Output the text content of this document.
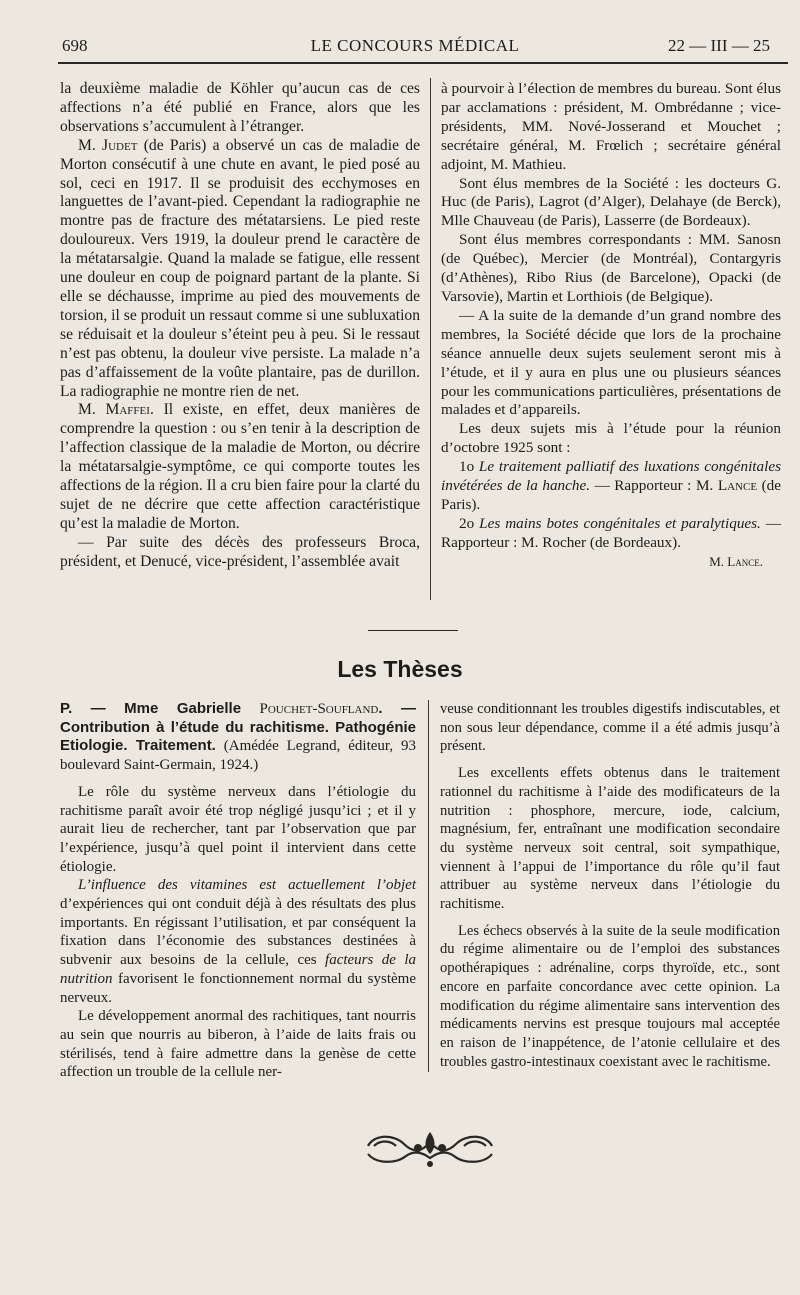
698	LE CONCOURS MÉDICAL	22 — III — 25

la deuxième maladie de Köhler qu’aucun cas de ces affections n’a été publié en France, alors que les observations s’accumulent à l’étranger.

M. Judet (de Paris) a observé un cas de maladie de Morton consécutif à une chute en avant, le pied posé au sol, ceci en 1917. Il se produisit des ecchymoses en languettes de l’avant-pied. Cependant la radiographie ne montre pas de fracture des métatarsiens. Le pied reste douloureux. Vers 1919, la douleur prend le caractère de la métatarsalgie. Quand la malade se fatigue, elle ressent une douleur en coup de poignard partant de la plante. Si elle se déchausse, imprime au pied des mouvements de torsion, il se produit un ressaut comme si une subluxation se réduisait et la douleur s’éteint peu à peu. Si le ressaut n’est pas obtenu, la douleur vive persiste. La malade n’a pas d’affaissement de la voûte plantaire, pas de durillon. La radiographie ne montre rien de net.

M. Maffei. Il existe, en effet, deux manières de comprendre la question : ou s’en tenir à la description de l’affection classique de la maladie de Morton, ou décrire la métatarsalgie-symptôme, ce qui comporte toutes les affections de la région. Il a cru bien faire pour la clarté du sujet de ne décrire que cette affection caractéristique qu’est la maladie de Morton.

— Par suite des décès des professeurs Broca, président, et Denucé, vice-président, l’assemblée avait

à pourvoir à l’élection de membres du bureau. Sont élus par acclamations : président, M. Ombrédanne ; vice-présidents, MM. Nové-Josserand et Mouchet ; secrétaire général, M. Frœlich ; secrétaire général adjoint, M. Mathieu.

Sont élus membres de la Société : les docteurs G. Huc (de Paris), Lagrot (d’Alger), Delahaye (de Berck), Mlle Chauveau (de Paris), Lasserre (de Bordeaux).

Sont élus membres correspondants : MM. Sanosn (de Québec), Mercier (de Montréal), Contargyris (d’Athènes), Ribo Rius (de Barcelone), Opacki (de Varsovie), Martin et Lorthiois (de Belgique).

— A la suite de la demande d’un grand nombre des membres, la Société décide que lors de la prochaine séance annuelle deux sujets seulement seront mis à l’étude, et il y aura en plus une ou plusieurs séances pour les communications particulières, présentations de malades et d’appareils.

Les deux sujets mis à l’étude pour la réunion d’octobre 1925 sont :

1o Le traitement palliatif des luxations congénitales invétérées de la hanche. — Rapporteur : M. Lance (de Paris).

2o Les mains botes congénitales et paralytiques. — Rapporteur : M. Rocher (de Bordeaux).

M. Lance.

Les Thèses

P. — Mme Gabrielle Pouchet-Soufland. — Contribution à l’étude du rachitisme. Pathogénie Etiologie. Traitement. (Amédée Legrand, éditeur, 93 boulevard Saint-Germain, 1924.)

Le rôle du système nerveux dans l’étiologie du rachitisme paraît avoir été trop négligé jusqu’ici ; et il y aurait lieu de rechercher, tant par l’observation que par l’expérience, jusqu’à quel point il intervient dans cette étiologie.

L’influence des vitamines est actuellement l’objet d’expériences qui ont conduit déjà à des résultats des plus importants. En régissant l’utilisation, et par conséquent la fixation dans l’économie des substances destinées à subvenir aux besoins de la cellule, ces facteurs de la nutrition favorisent le fonctionnement normal du système nerveux.

Le développement anormal des rachitiques, tant nourris au sein que nourris au biberon, à l’aide de laits frais ou stérilisés, tend à faire admettre dans la genèse de cette affection un trouble de la cellule ner-

veuse conditionnant les troubles digestifs indiscutables, et non sous leur dépendance, comme il a été admis jusqu’à présent.

Les excellents effets obtenus dans le traitement rationnel du rachitisme à l’aide des modificateurs de la nutrition : phosphore, mercure, iode, calcium, magnésium, fer, entraînant une modification secondaire du système nerveux soit central, soit sympathique, viennent à l’appui de l’importance du rôle qu’il faut attribuer au système nerveux dans l’étiologie du rachitisme.

Les échecs observés à la suite de la seule modification du régime alimentaire ou de l’emploi des substances opothérapiques : adrénaline, corps thyroïde, etc., sont encore en parfaite concordance avec cette opinion. La modification du régime alimentaire sans intervention des médicaments nervins est presque toujours mal acceptée en raison de l’inappétence, de l’atonie cellulaire et des troubles gastro-intestinaux coexistant avec le rachitisme.
